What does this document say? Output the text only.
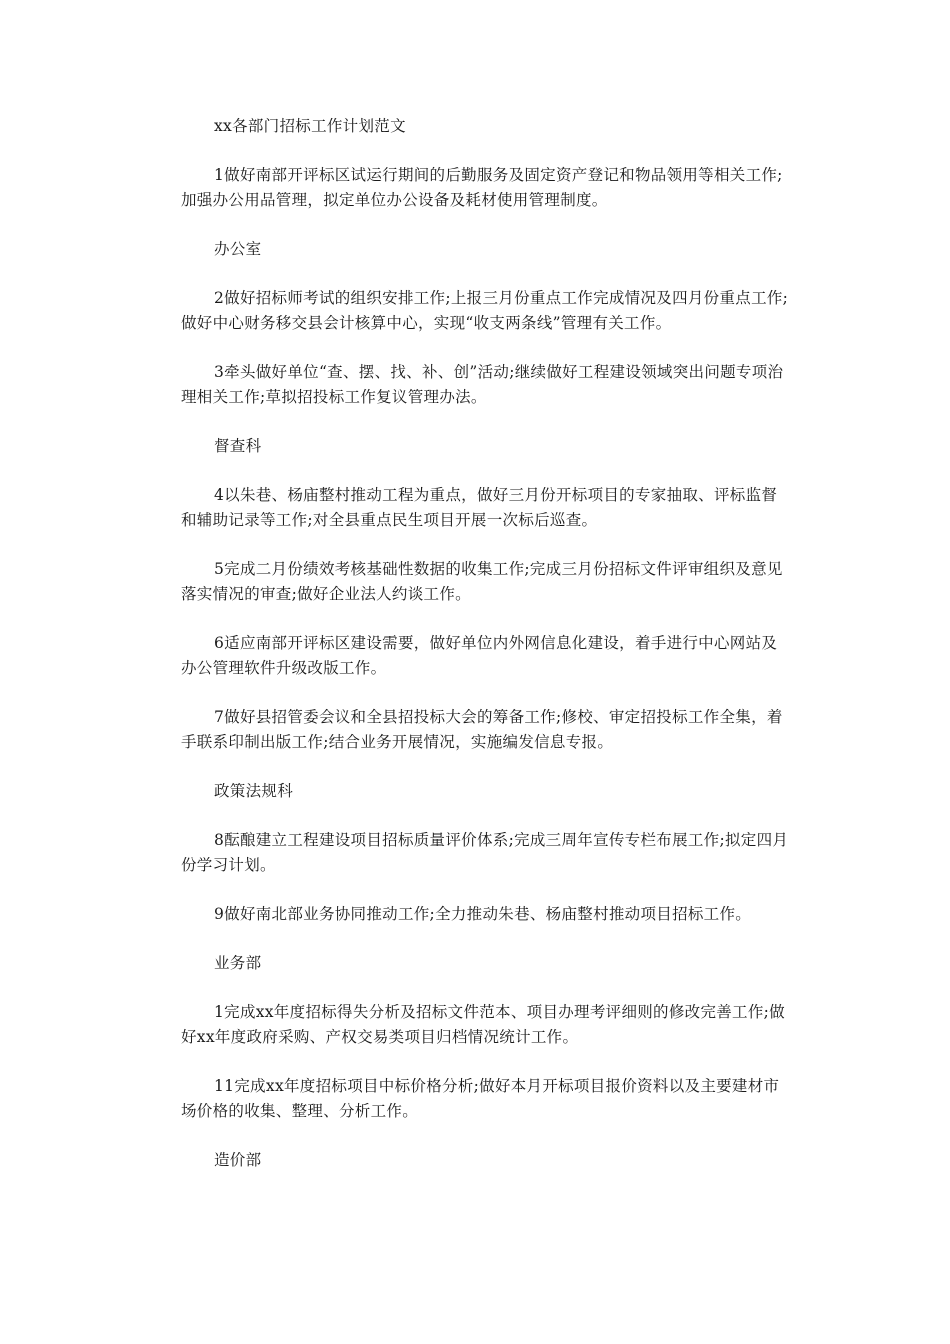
xx各部门招标工作计划范文

1做好南部开评标区试运行期间的后勤服务及固定资产登记和物品领用等相关工作;加强办公用品管理，拟定单位办公设备及耗材使用管理制度。

办公室

2做好招标师考试的组织安排工作;上报三月份重点工作完成情况及四月份重点工作;做好中心财务移交县会计核算中心，实现“收支两条线”管理有关工作。

3牵头做好单位“查、摆、找、补、创”活动;继续做好工程建设领域突出问题专项治理相关工作;草拟招投标工作复议管理办法。

督查科

4以朱巷、杨庙整村推动工程为重点，做好三月份开标项目的专家抽取、评标监督和辅助记录等工作;对全县重点民生项目开展一次标后巡查。

5完成二月份绩效考核基础性数据的收集工作;完成三月份招标文件评审组织及意见落实情况的审查;做好企业法人约谈工作。

6适应南部开评标区建设需要，做好单位内外网信息化建设，着手进行中心网站及办公管理软件升级改版工作。

7做好县招管委会议和全县招投标大会的筹备工作;修校、审定招投标工作全集，着手联系印制出版工作;结合业务开展情况，实施编发信息专报。

政策法规科

8酝酿建立工程建设项目招标质量评价体系;完成三周年宣传专栏布展工作;拟定四月份学习计划。

9做好南北部业务协同推动工作;全力推动朱巷、杨庙整村推动项目招标工作。

业务部

1完成xx年度招标得失分析及招标文件范本、项目办理考评细则的修改完善工作;做好xx年度政府采购、产权交易类项目归档情况统计工作。

11完成xx年度招标项目中标价格分析;做好本月开标项目报价资料以及主要建材市场价格的收集、整理、分析工作。

造价部
